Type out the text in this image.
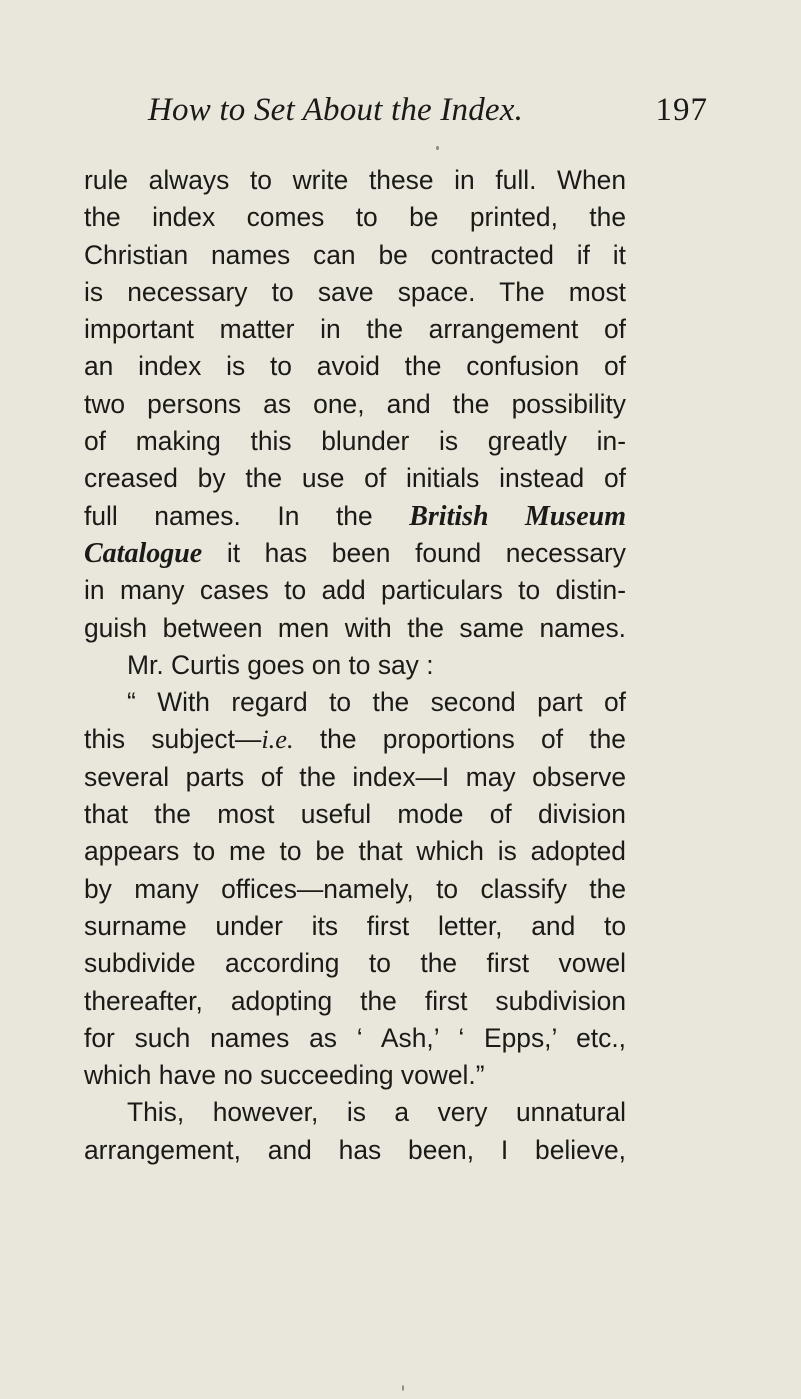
How to Set About the Index.	197
rule always to write these in full. When
the index comes to be printed, the
Christian names can be contracted if it
is necessary to save space. The most
important matter in the arrangement of
an index is to avoid the confusion of
two persons as one, and the possibility
of making this blunder is greatly in-
creased by the use of initials instead of
full names. In the British Museum
Catalogue it has been found necessary
in many cases to add particulars to distin-
guish between men with the same names.
Mr. Curtis goes on to say :
“ With regard to the second part of
this subject—i.e. the proportions of the
several parts of the index—I may observe
that the most useful mode of division
appears to me to be that which is adopted
by many offices—namely, to classify the
surname under its first letter, and to
subdivide according to the first vowel
thereafter, adopting the first subdivision
for such names as ‘ Ash,’ ‘ Epps,’ etc.,
which have no succeeding vowel.”
This, however, is a very unnatural
arrangement, and has been, I believe,
